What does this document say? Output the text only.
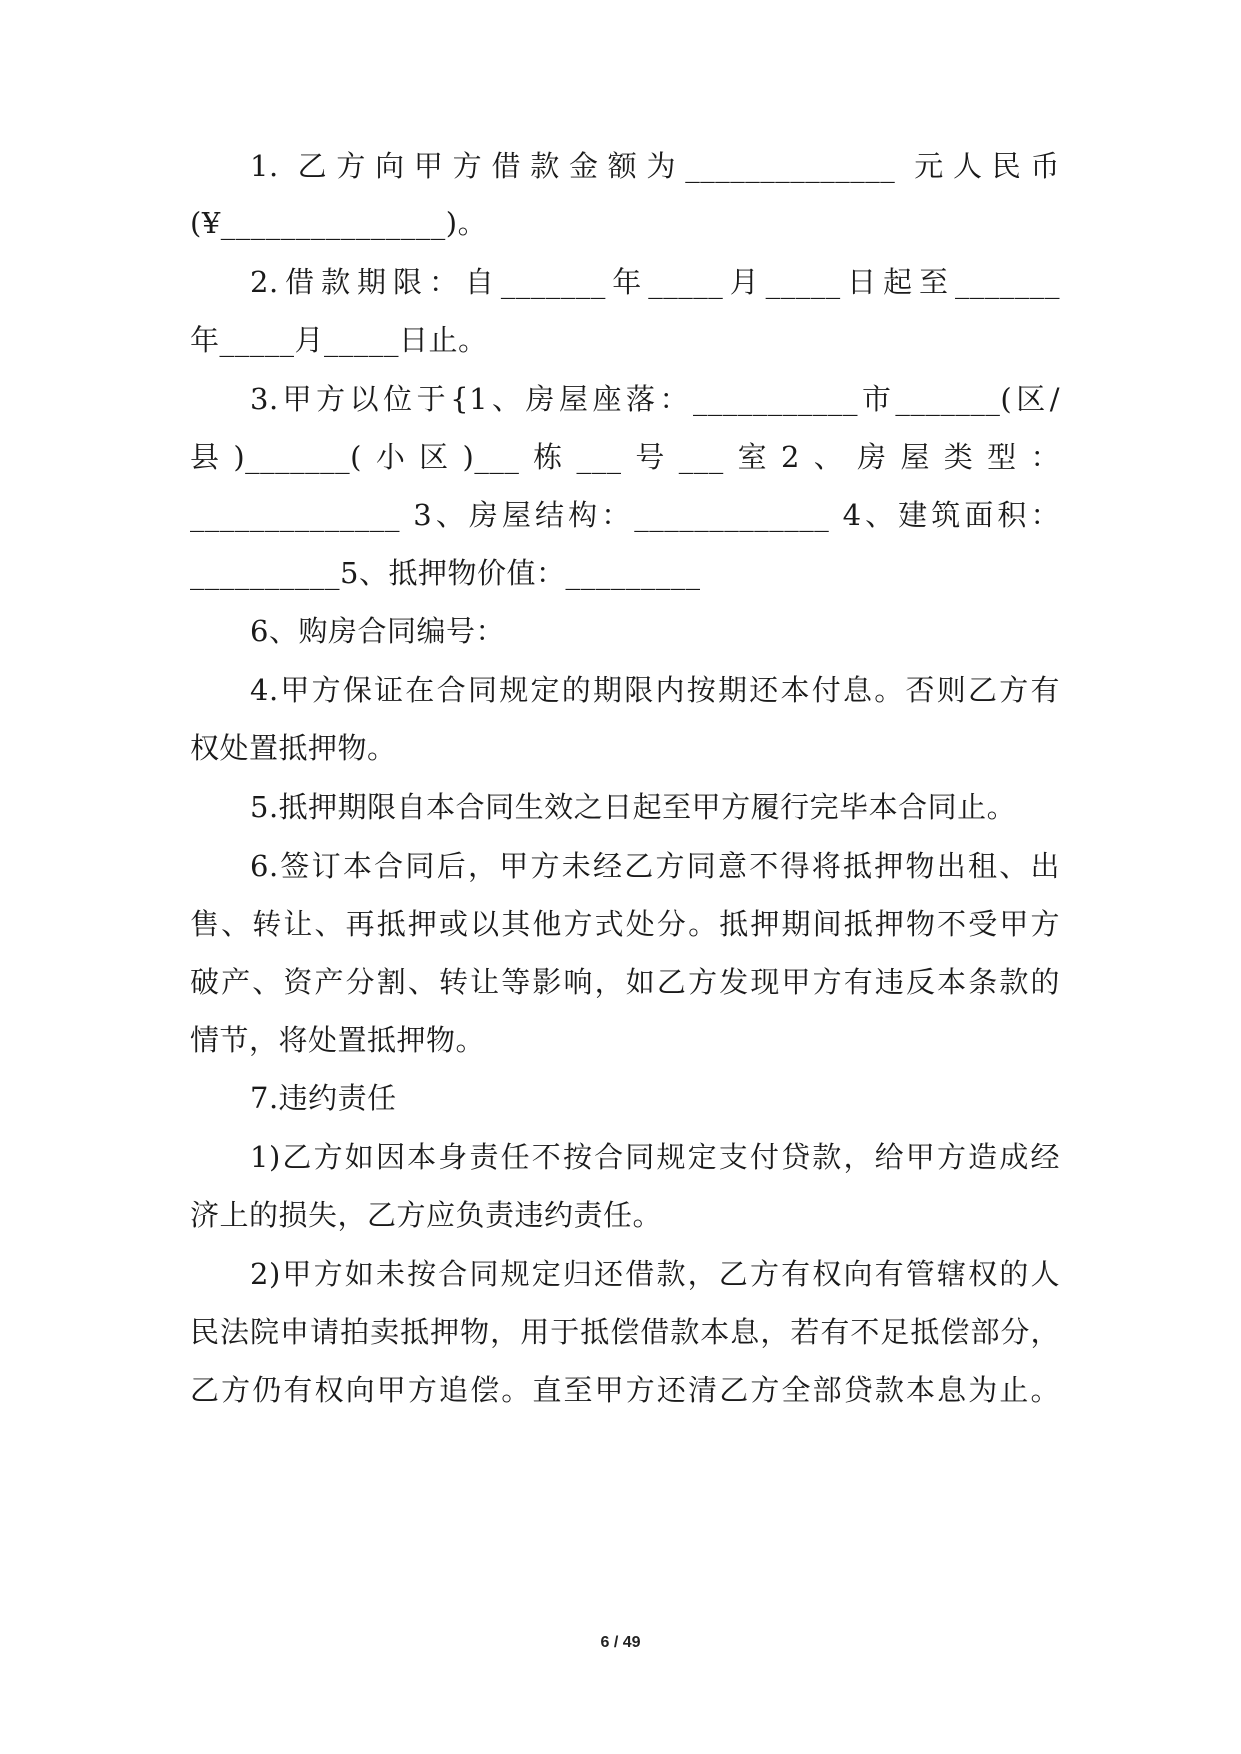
1. 乙方向甲方借款金额为______________ 元人民币
(¥_______________)。
2.借款期限：自_______年_____月_____日起至_______
年_____月_____日止。
3.甲方以位于{1、房屋座落：___________市_______(区/
县)_______(小区)___栋___号___室2、房屋类型：
______________ 3、房屋结构：_____________ 4、建筑面积：
__________5、抵押物价值：_________
6、购房合同编号：
4.甲方保证在合同规定的期限内按期还本付息。否则乙方有
权处置抵押物。
5.抵押期限自本合同生效之日起至甲方履行完毕本合同止。
6.签订本合同后，甲方未经乙方同意不得将抵押物出租、出
售、转让、再抵押或以其他方式处分。抵押期间抵押物不受甲方
破产、资产分割、转让等影响，如乙方发现甲方有违反本条款的
情节，将处置抵押物。
7.违约责任
1)乙方如因本身责任不按合同规定支付贷款，给甲方造成经
济上的损失，乙方应负责违约责任。
2)甲方如未按合同规定归还借款，乙方有权向有管辖权的人
民法院申请拍卖抵押物，用于抵偿借款本息，若有不足抵偿部分，
乙方仍有权向甲方追偿。直至甲方还清乙方全部贷款本息为止。
6 / 49
